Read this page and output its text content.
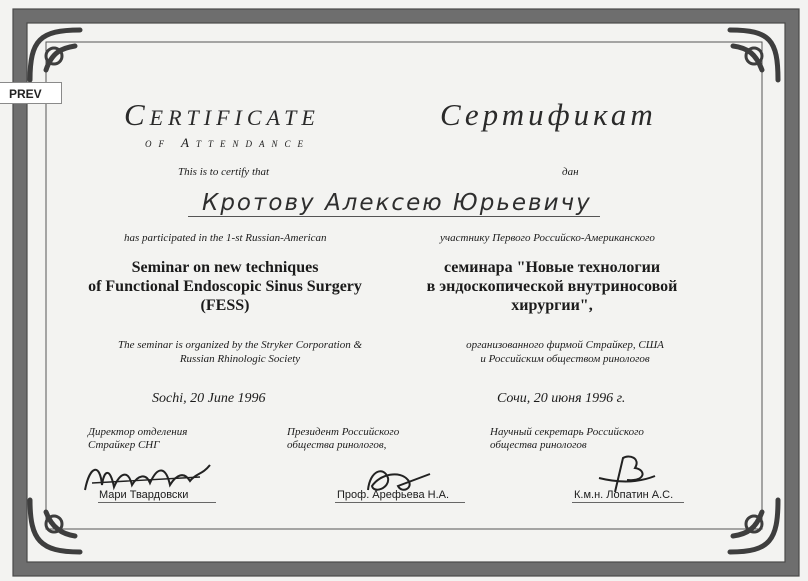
PREV
Certificate
of Attendance
Сертификат
This is to certify that	дан
Кротову Алексею Юрьевичу
has participated in the 1-st Russian-American	участнику Первого Российско-Американского
Seminar on new techniques
of Functional Endoscopic Sinus Surgery
(FESS)
семинара "Новые технологии
в эндоскопической внутриносовой
хирургии",
The seminar is organized by the Stryker Corporation &
Russian Rhinologic Society
организованного фирмой Страйкер, США
и Российским обществом ринологов
Sochi, 20 June 1996	Сочи, 20 июня 1996 г.
Директор отделения
Страйкер СНГ
Президент Российского
общества ринологов,
Научный секретарь Российского
общества ринологов
Мари Твардовски	Проф. Арефьева Н.А.	К.м.н. Лопатин А.С.
